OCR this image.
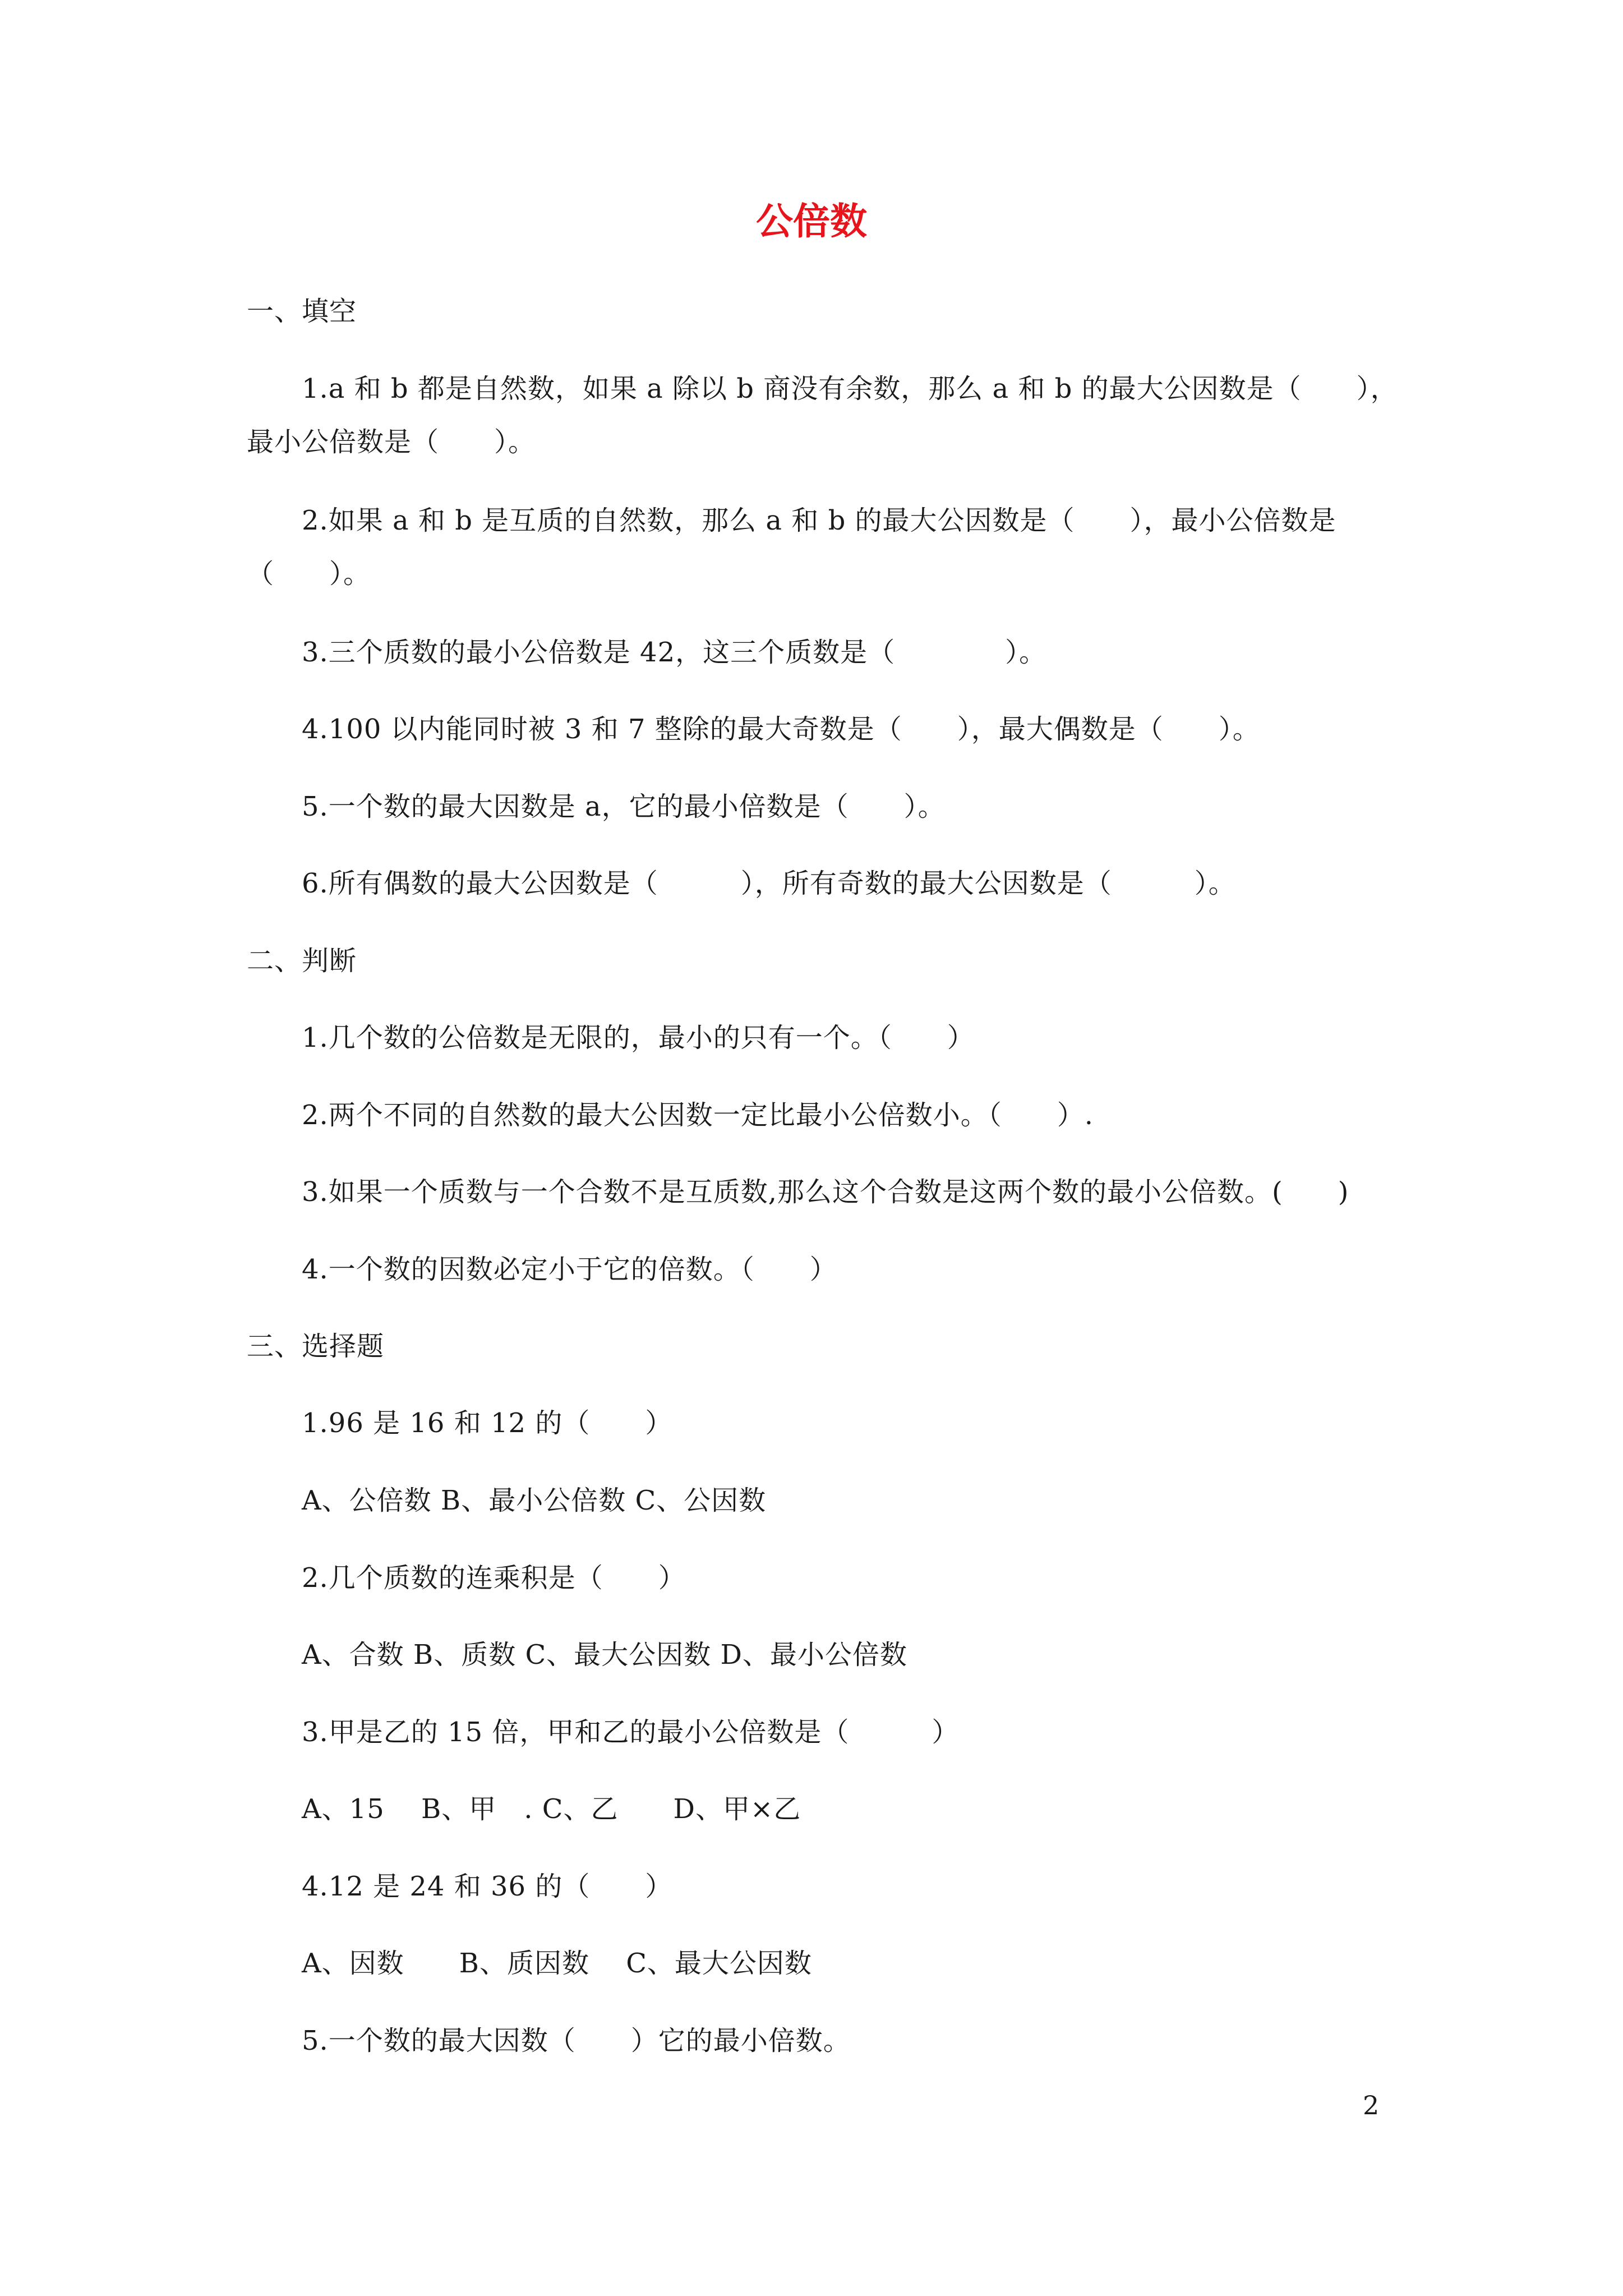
公倍数
一、填空
1.a 和 b 都是自然数，如果 a 除以 b 商没有余数，那么 a 和 b 的最大公因数是（　　），
最小公倍数是（　　）。
2.如果 a 和 b 是互质的自然数，那么 a 和 b 的最大公因数是（　　），最小公倍数是
（　　）。
3.三个质数的最小公倍数是 42，这三个质数是（　　　　）。
4.100 以内能同时被 3 和 7 整除的最大奇数是（　　），最大偶数是（　　）。
5.一个数的最大因数是 a，它的最小倍数是（　　）。
6.所有偶数的最大公因数是（　　　），所有奇数的最大公因数是（　　　）。
二、判断
1.几个数的公倍数是无限的，最小的只有一个。（　　）
2.两个不同的自然数的最大公因数一定比最小公倍数小。（　　）.
3.如果一个质数与一个合数不是互质数,那么这个合数是这两个数的最小公倍数。(　　)
4.一个数的因数必定小于它的倍数。（　　）
三、选择题
1.96 是 16 和 12 的（　　）
A、公倍数 B、最小公倍数 C、公因数
2.几个质数的连乘积是（　　）
A、合数 B、质数 C、最大公因数 D、最小公倍数
3.甲是乙的 15 倍，甲和乙的最小公倍数是（　　　）
A、15　 B、甲　. C、乙　　D、甲×乙
4.12 是 24 和 36 的（　　）
A、因数　　B、质因数　 C、最大公因数
5.一个数的最大因数（　　）它的最小倍数。
2
